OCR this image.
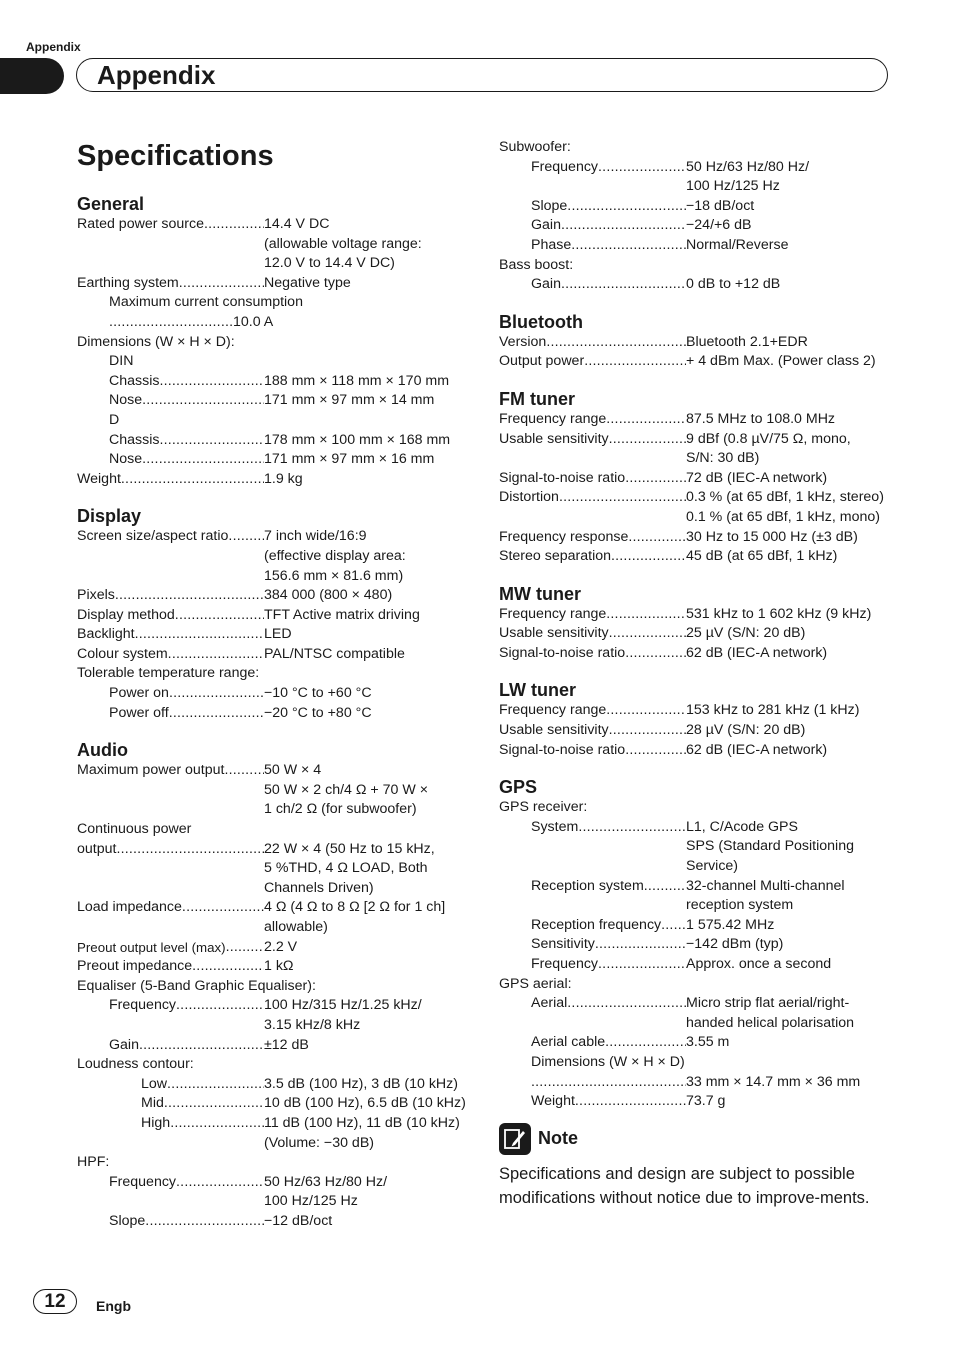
Appendix
Appendix
Specifications
General
Rated power source .....	14.4 V DC
(allowable voltage range:
12.0 V to 14.4 V DC)
Earthing system .....	Negative type
Maximum current consumption
.....
10.0 A
Dimensions (W × H × D):
DIN
Chassis .....	188 mm × 118 mm × 170 mm
Nose .....	171 mm × 97 mm × 14 mm
D
Chassis .....	178 mm × 100 mm × 168 mm
Nose .....	171 mm × 97 mm × 16 mm
Weight .....	1.9 kg
Display
Screen size/aspect ratio .....	7 inch wide/16:9
(effective display area:
156.6 mm × 81.6 mm)
Pixels .....	384 000 (800 × 480)
Display method .....	TFT Active matrix driving
Backlight .....	LED
Colour system .....	PAL/NTSC compatible
Tolerable temperature range:
Power on .....	−10 °C to +60 °C
Power off .....	−20 °C to +80 °C
Audio
Maximum power output .....	50 W × 4
50 W × 2 ch/4 Ω + 70 W ×
1 ch/2 Ω (for subwoofer)
Continuous power
output .....	22 W × 4 (50 Hz to 15 kHz,
5 %THD, 4 Ω LOAD, Both
Channels Driven)
Load impedance .....	4 Ω (4 Ω to 8 Ω [2 Ω for 1 ch]
allowable)
Preout output level (max) .....	2.2 V
Preout impedance .....	1 kΩ
Equaliser (5-Band Graphic Equaliser):
Frequency .....	100 Hz/315 Hz/1.25 kHz/
3.15 kHz/8 kHz
Gain .....	±12 dB
Loudness contour:
Low .....	3.5 dB (100 Hz), 3 dB (10 kHz)
Mid .....	10 dB (100 Hz), 6.5 dB (10 kHz)
High .....	11 dB (100 Hz), 11 dB (10 kHz)
(Volume: −30 dB)
HPF:
Frequency .....	50 Hz/63 Hz/80 Hz/
100 Hz/125 Hz
Slope .....	−12 dB/oct
Subwoofer:
Frequency .....	50 Hz/63 Hz/80 Hz/
100 Hz/125 Hz
Slope .....	−18 dB/oct
Gain .....	−24/+6 dB
Phase .....	Normal/Reverse
Bass boost:
Gain .....	0 dB to +12 dB
Bluetooth
Version .....	Bluetooth 2.1+EDR
Output power .....	+ 4 dBm Max. (Power class 2)
FM tuner
Frequency range .....	87.5 MHz to 108.0 MHz
Usable sensitivity .....	9 dBf (0.8 µV/75 Ω, mono,
S/N: 30 dB)
Signal-to-noise ratio .....	72 dB (IEC-A network)
Distortion .....	0.3 % (at 65 dBf, 1 kHz, stereo)
0.1 % (at 65 dBf, 1 kHz, mono)
Frequency response .....	30 Hz to 15 000 Hz (±3 dB)
Stereo separation .....	45 dB (at 65 dBf, 1 kHz)
MW tuner
Frequency range .....	531 kHz to 1 602 kHz (9 kHz)
Usable sensitivity .....	25 µV (S/N: 20 dB)
Signal-to-noise ratio .....	62 dB (IEC-A network)
LW tuner
Frequency range .....	153 kHz to 281 kHz (1 kHz)
Usable sensitivity .....	28 µV (S/N: 20 dB)
Signal-to-noise ratio .....	62 dB (IEC-A network)
GPS
GPS receiver:
System .....	L1, C/Acode GPS
SPS (Standard Positioning
Service)
Reception system .....	32-channel Multi-channel
reception system
Reception frequency ..... 1 575.42 MHz
Sensitivity .....	−142 dBm (typ)
Frequency .....	Approx. once a second
GPS aerial:
Aerial .....	Micro strip flat aerial/right-
handed helical polarisation
Aerial cable .....	3.55 m
Dimensions (W × H × D)
.....
33 mm × 14.7 mm × 36 mm
Weight .....	73.7 g
Note
Specifications and design are subject to possible modifications without notice due to improve-ments.
12	Engb
